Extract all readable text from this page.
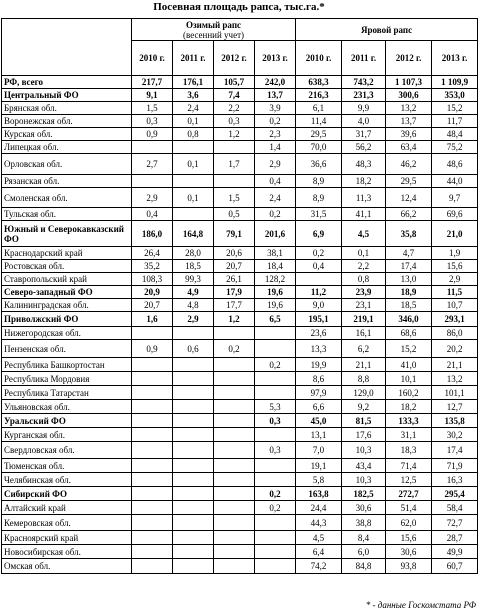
Посевная площадь рапса, тыс.га.*
	Озимый рапс
(весенний учет)				Яровой рапс			
	2010 г.	2011 г.	2012 г.	2013 г.	2010 г.	2011 г.	2012 г.	2013 г.
РФ, всего	217,7	176,1	105,7	242,0	638,3	743,2	1 107,3	1 109,9
Центральный ФО	9,1	3,6	7,4	13,7	216,3	231,3	300,6	353,0
Брянская обл.	1,5	2,4	2,2	3,9	6,1	9,9	13,2	15,2
Воронежская обл.	0,3	0,1	0,3	0,2	11,4	4,0	13,7	11,7
Курская обл.	0,9	0,8	1,2	2,3	29,5	31,7	39,6	48,4
Липецкая обл.				1,4	70,0	56,2	63,4	75,2
Орловская обл.	2,7	0,1	1,7	2,9	36,6	48,3	46,2	48,6
Рязанская обл.				0,4	8,9	18,2	29,5	44,0
Смоленская обл.	2,9	0,1	1,5	2,4	8,9	11,3	12,4	9,7
Тульская обл.	0,4		0,5	0,2	31,5	41,1	66,2	69,6
Южный и Северокавказский ФО	186,0	164,8	79,1	201,6	6,9	4,5	35,8	21,0
Краснодарский край	26,4	28,0	20,6	38,1	0,2	0,1	4,7	1,9
Ростовская обл.	35,2	18,5	20,7	18,4	0,4	2,2	17,4	15,6
Ставропольский край	108,3	99,3	26,1	128,2		0,8	13,0	2,9
Северо-западный ФО	20,9	4,9	17,9	19,6	11,2	23,9	18,9	11,5
Калининградская обл.	20,7	4,8	17,7	19,6	9,0	23,1	18,5	10,7
Приволжский ФО	1,6	2,9	1,2	6,5	195,1	219,1	346,0	293,1
Нижегородская обл.					23,6	16,1	68,6	86,0
Пензенская обл.	0,9	0,6	0,2		13,3	6,2	15,2	20,2
Республика Башкортостан				0,2	19,9	21,1	41,0	21,1
Республика Мордовия					8,6	8,8	10,1	13,2
Республика Татарстан					97,9	129,0	160,2	101,1
Ульяновская обл.				5,3	6,6	9,2	18,2	12,7
Уральский ФО				0,3	45,0	81,5	133,3	135,8
Курганская обл.					13,1	17,6	31,1	30,2
Свердловская обл.				0,3	7,0	10,3	18,3	17,4
Тюменская обл.					19,1	43,4	71,4	71,9
Челябинская обл.					5,8	10,3	12,5	16,3
Сибирский ФО				0,2	163,8	182,5	272,7	295,4
Алтайский край				0,2	24,4	30,6	51,4	58,4
Кемеровская обл.					44,3	38,8	62,0	72,7
Красноярский край					4,5	8,4	15,6	28,7
Новосибирская обл.					6,4	6,0	30,6	49,9
Омская обл.					74,2	84,8	93,8	60,7
* - данные Госкомстата РФ
